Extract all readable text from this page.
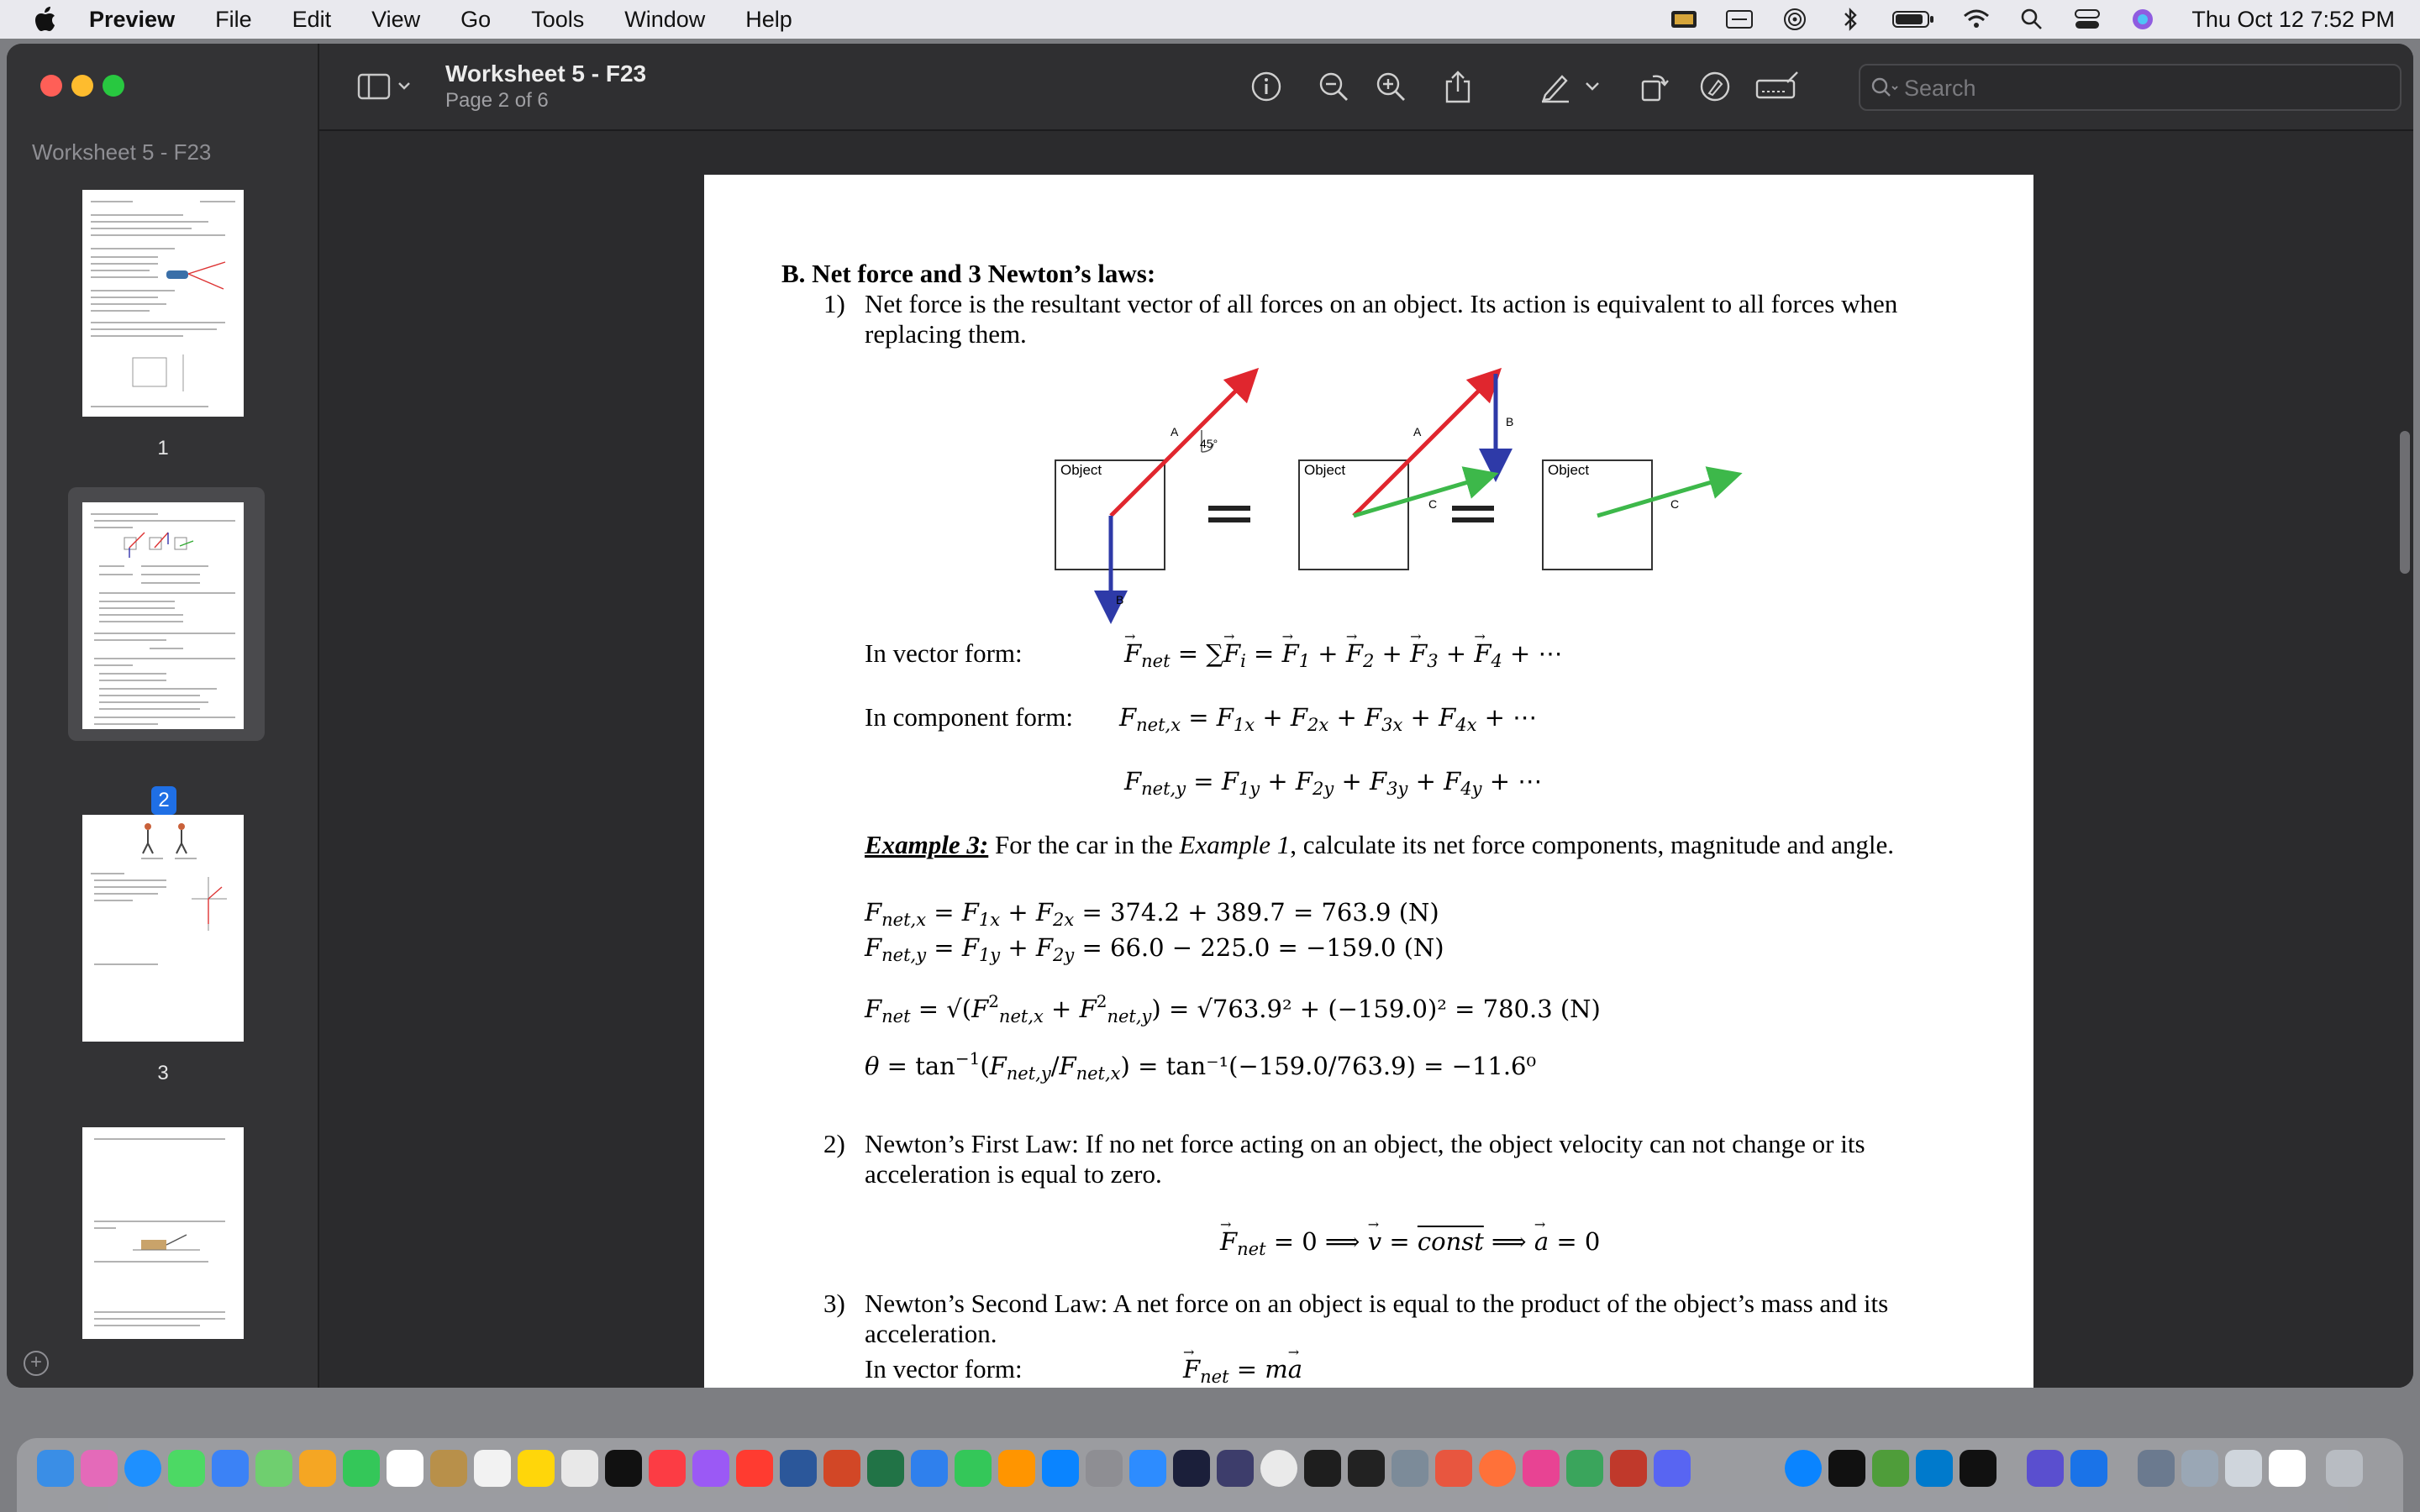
Preview	File	Edit	View	Go	Tools	Window	Help	Thu Oct 12 7:52 PM
Worksheet 5 - F23
1
2
3
+
Worksheet 5 - F23
Page 2 of 6
Search
B. Net force and 3 Newton’s laws:
1) Net force is the resultant vector of all forces on an object. Its action is equivalent to all forces when
replacing them.
Object	Object	Object
A
45°
B
A
B
C	C
In vector form:	→ $F_{net}$ = ∑→ $F_i$ = → $F_1$ + → $F_2$ + → $F_3$ + → $F_4$ + ⋯
In component form: $F_{net,x} = F_{1x} + F_{2x} + F_{3x} + F_{4x}$ + ⋯
$F_{net,y} = F_{1y} + F_{2y} + F_{3y} + F_{4y}$ + ⋯
Example 3: For the car in the Example 1, calculate its net force components, magnitude and angle.
$F_{net,x} = F_{1x} + F_{2x} = 374.2 + 389.7 = 763.9$ (N)
$F_{net,y} = F_{1y} + F_{2y} = 66.0 - 225.0 = -159.0$ (N)
$F_{net} = √(F^2_{net,x} + F^2_{net,y}) = √763.9^2 + (-159.0)^2 = 780.3$ (N)
$\theta = \tan^{-1}(F_{net,y}/F_{net,x}) = \tan^{-1}(-159.0/763.9) = -11.6^0$
2) Newton’s First Law: If no net force acting on an object, the object velocity can not change or its
acceleration is equal to zero.
→ $F_{net} = 0$ ⟹ → v = const ⟹ → a = 0
3) Newton’s Second Law: A net force on an object is equal to the product of the object’s mass and its
acceleration.
In vector form:	→ $F_{net} = m\to a$
